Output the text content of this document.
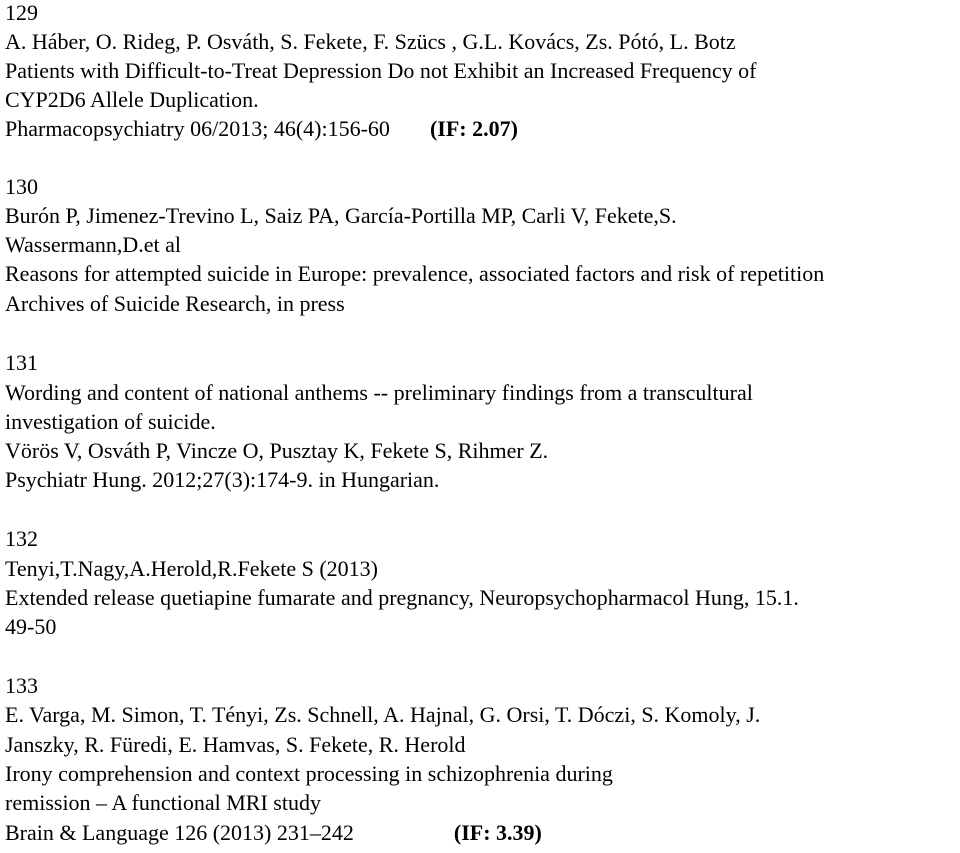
129
A. Háber, O. Rideg, P. Osváth, S. Fekete, F. Szücs , G.L. Kovács, Zs. Pótó, L. Botz
Patients with Difficult-to-Treat Depression Do not Exhibit an Increased Frequency of
CYP2D6 Allele Duplication.
Pharmacopsychiatry 06/2013; 46(4):156-60 (IF: 2.07)
130
Burón P, Jimenez-Trevino L, Saiz PA, García-Portilla MP, Carli V, Fekete,S.
Wassermann,D.et al
Reasons for attempted suicide in Europe: prevalence, associated factors and risk of repetition
Archives of Suicide Research, in press
131
Wording and content of national anthems -- preliminary findings from a transcultural
investigation of suicide.
Vörös V, Osváth P, Vincze O, Pusztay K, Fekete S, Rihmer Z.
Psychiatr Hung. 2012;27(3):174-9. in Hungarian.
132
Tenyi,T.Nagy,A.Herold,R.Fekete S (2013)
Extended release quetiapine fumarate and pregnancy, Neuropsychopharmacol Hung, 15.1.
49-50
133
E. Varga, M. Simon, T. Tényi, Zs. Schnell, A. Hajnal, G. Orsi, T. Dóczi, S. Komoly, J.
Janszky, R. Füredi, E. Hamvas, S. Fekete, R. Herold
Irony comprehension and context processing in schizophrenia during
remission – A functional MRI study
Brain & Language 126 (2013) 231–242	(IF: 3.39)
